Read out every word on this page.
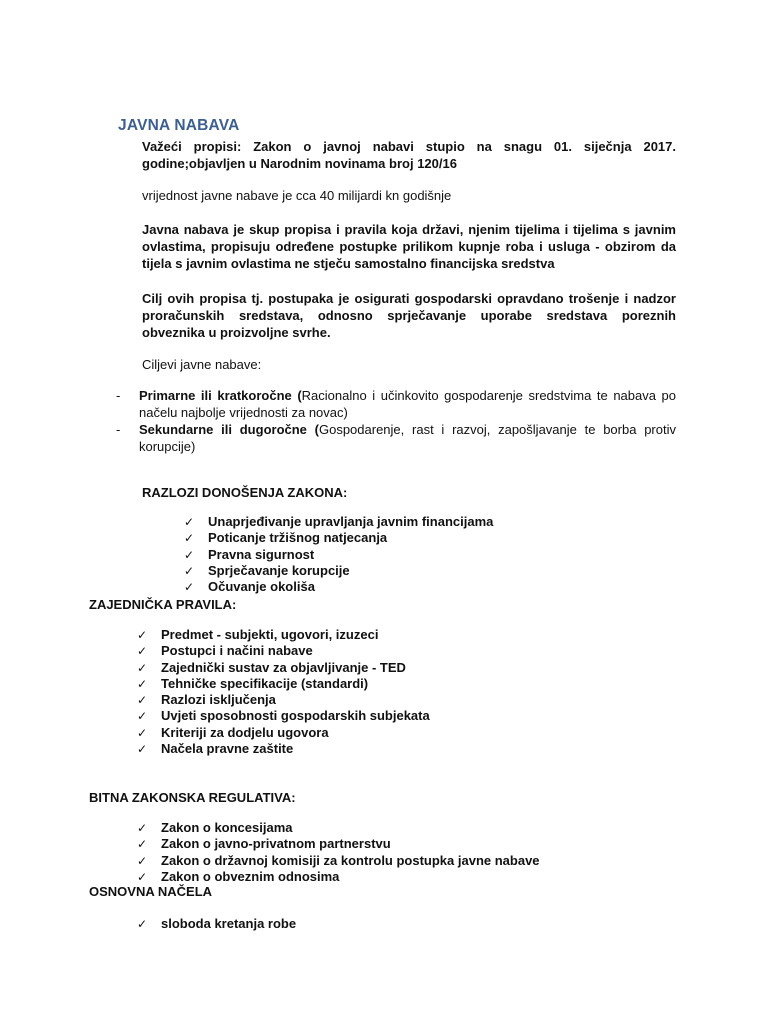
JAVNA NABAVA
Važeći propisi: Zakon o javnoj nabavi stupio na snagu 01. siječnja 2017. godine;objavljen u Narodnim novinama broj 120/16
vrijednost javne nabave je cca 40 milijardi kn godišnje
Javna nabava je skup propisa i pravila koja državi, njenim tijelima i tijelima s javnim ovlastima, propisuju određene postupke prilikom kupnje roba i usluga - obzirom da tijela s javnim ovlastima ne stječu samostalno financijska sredstva
Cilj ovih propisa tj. postupaka je osigurati gospodarski opravdano trošenje i nadzor proračunskih sredstava, odnosno sprječavanje uporabe sredstava poreznih obveznika u proizvoljne svrhe.
Ciljevi javne nabave:
-	Primarne ili kratkoročne (Racionalno i učinkovito gospodarenje sredstvima te nabava po načelu najbolje vrijednosti za novac)
-	Sekundarne ili dugoročne (Gospodarenje, rast i razvoj, zapošljavanje te borba protiv korupcije)
RAZLOZI DONOŠENJA ZAKONA:
✓ Unaprjeđivanje upravljanja javnim financijama
✓ Poticanje tržišnog natjecanja
✓ Pravna sigurnost
✓ Sprječavanje korupcije
✓ Očuvanje okoliša
ZAJEDNIČKA PRAVILA:
✓ Predmet - subjekti, ugovori, izuzeci
✓ Postupci i načini nabave
✓ Zajednički sustav za objavljivanje - TED
✓ Tehničke specifikacije (standardi)
✓ Razlozi isključenja
✓ Uvjeti sposobnosti gospodarskih subjekata
✓ Kriteriji za dodjelu ugovora
✓ Načela pravne zaštite
BITNA ZAKONSKA REGULATIVA:
✓ Zakon o koncesijama
✓ Zakon o javno-privatnom partnerstvu
✓ Zakon o državnoj komisiji za kontrolu postupka javne nabave
✓ Zakon o obveznim odnosima
OSNOVNA NAČELA
✓ sloboda kretanja robe
